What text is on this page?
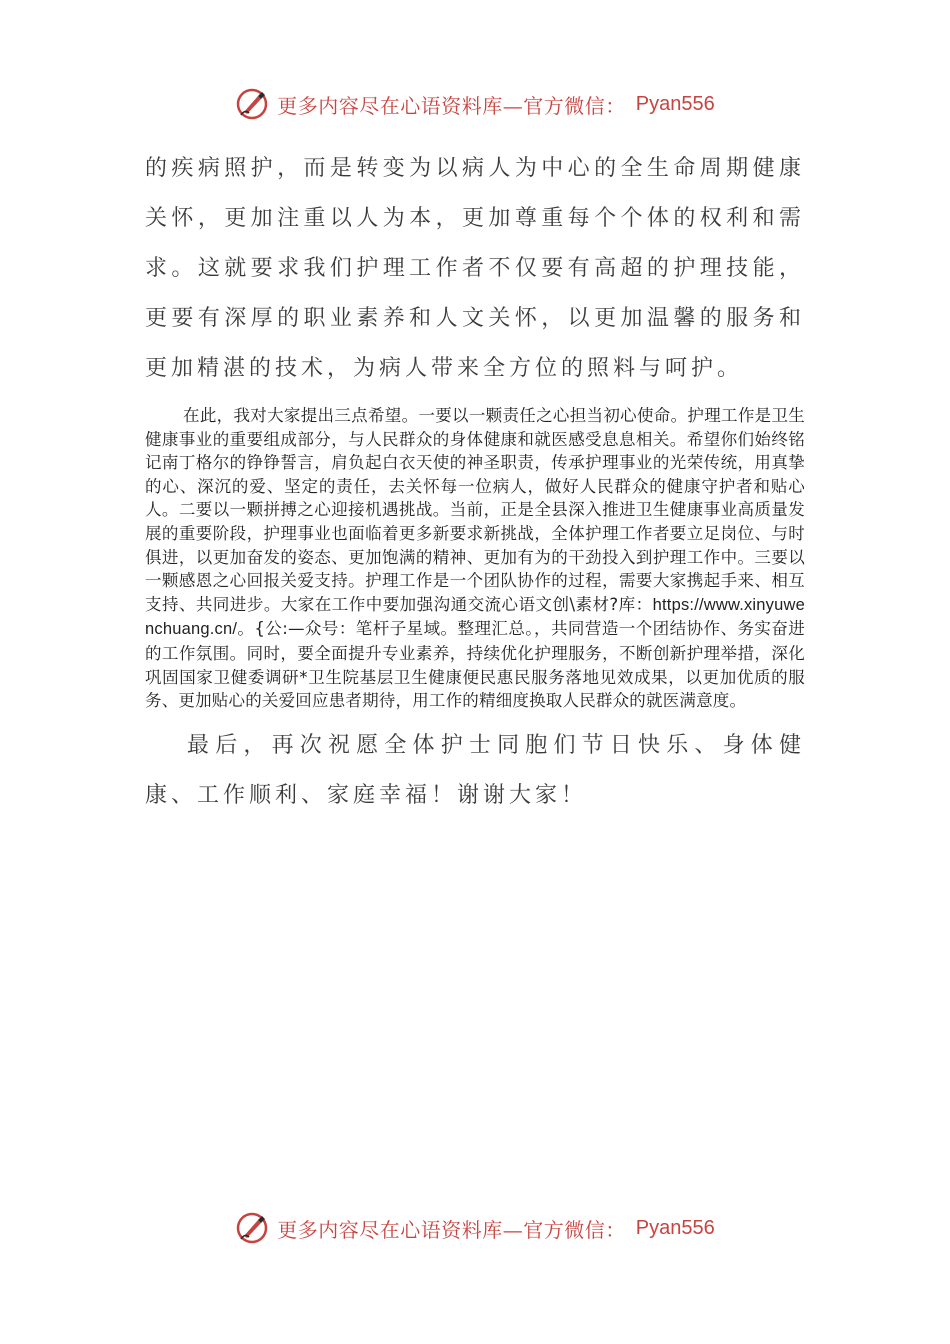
更多内容尽在心语资料库—官方微信： Pyan556

的疾病照护，而是转变为以病人为中心的全生命周期健康关怀，更加注重以人为本，更加尊重每个个体的权利和需求。这就要求我们护理工作者不仅要有高超的护理技能，更要有深厚的职业素养和人文关怀，以更加温馨的服务和更加精湛的技术，为病人带来全方位的照料与呵护。

在此，我对大家提出三点希望。一要以一颗责任之心担当初心使命。护理工作是卫生健康事业的重要组成部分，与人民群众的身体健康和就医感受息息相关。希望你们始终铭记南丁格尔的铮铮誓言，肩负起白衣天使的神圣职责，传承护理事业的光荣传统，用真挚的心、深沉的爱、坚定的责任，去关怀每一位病人，做好人民群众的健康守护者和贴心人。二要以一颗拼搏之心迎接机遇挑战。当前，正是全县深入推进卫生健康事业高质量发展的重要阶段，护理事业也面临着更多新要求新挑战，全体护理工作者要立足岗位、与时俱进，以更加奋发的姿态、更加饱满的精神、更加有为的干劲投入到护理工作中。三要以一颗感恩之心回报关爱支持。护理工作是一个团队协作的过程，需要大家携起手来、相互支持、共同进步。大家在工作中要加强沟通交流心语文创\素材?库：https://www.xinyuwenchuang.cn/。{公:—众号：笔杆子星域。整理汇总。，共同营造一个团结协作、务实奋进的工作氛围。同时，要全面提升专业素养，持续优化护理服务，不断创新护理举措，深化巩固国家卫健委调研*卫生院基层卫生健康便民惠民服务落地见效成果，以更加优质的服务、更加贴心的关爱回应患者期待，用工作的精细度换取人民群众的就医满意度。

最后，再次祝愿全体护士同胞们节日快乐、身体健康、工作顺利、家庭幸福！谢谢大家！

更多内容尽在心语资料库—官方微信： Pyan556
